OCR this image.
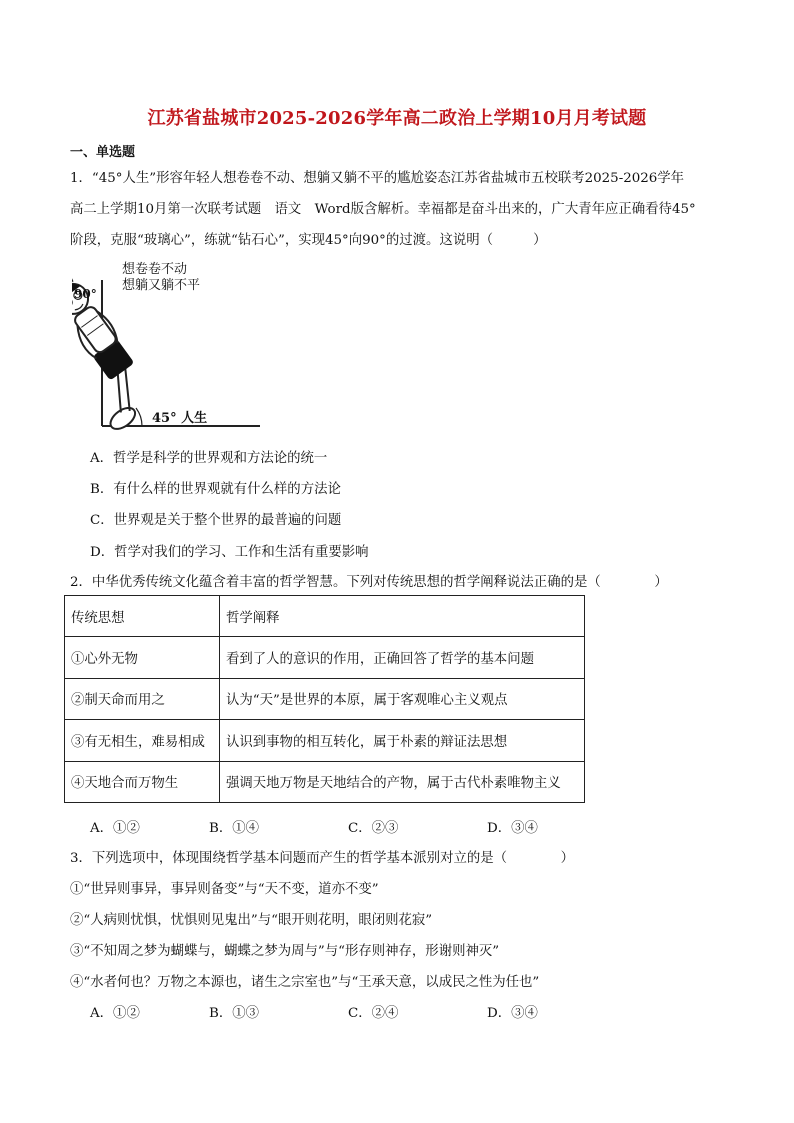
江苏省盐城市2025-2026学年高二政治上学期10月月考试题
一、单选题
1．“45°人生”形容年轻人想卷卷不动、想躺又躺不平的尴尬姿态江苏省盐城市五校联考2025-2026学年
高二上学期10月第一次联考试题　语文　Word版含解析。幸福都是奋斗出来的，广大青年应正确看待45°
阶段，克服“玻璃心”，练就“钻石心”，实现45°向90°的过渡。这说明（　　　）
想卷卷不动
想躺又躺不平
90°
45° 人生
A．哲学是科学的世界观和方法论的统一
B．有什么样的世界观就有什么样的方法论
C．世界观是关于整个世界的最普遍的问题
D．哲学对我们的学习、工作和生活有重要影响
2．中华优秀传统文化蕴含着丰富的哲学智慧。下列对传统思想的哲学阐释说法正确的是（　　　　）
传统思想	哲学阐释
①心外无物	看到了人的意识的作用，正确回答了哲学的基本问题
②制天命而用之	认为“天”是世界的本原，属于客观唯心主义观点
③有无相生，难易相成	认识到事物的相互转化，属于朴素的辩证法思想
④天地合而万物生	强调天地万物是天地结合的产物，属于古代朴素唯物主义
A．①②	B．①④	C．②③	D．③④
3．下列选项中，体现围绕哲学基本问题而产生的哲学基本派别对立的是（　　　　）
①“世异则事异，事异则备变”与“天不变，道亦不变”
②“人病则忧惧，忧惧则见鬼出”与“眼开则花明，眼闭则花寂”
③“不知周之梦为蝴蝶与，蝴蝶之梦为周与”与“形存则神存，形谢则神灭”
④“水者何也？万物之本源也，诸生之宗室也”与“王承天意，以成民之性为任也”
A．①②	B．①③	C．②④	D．③④
